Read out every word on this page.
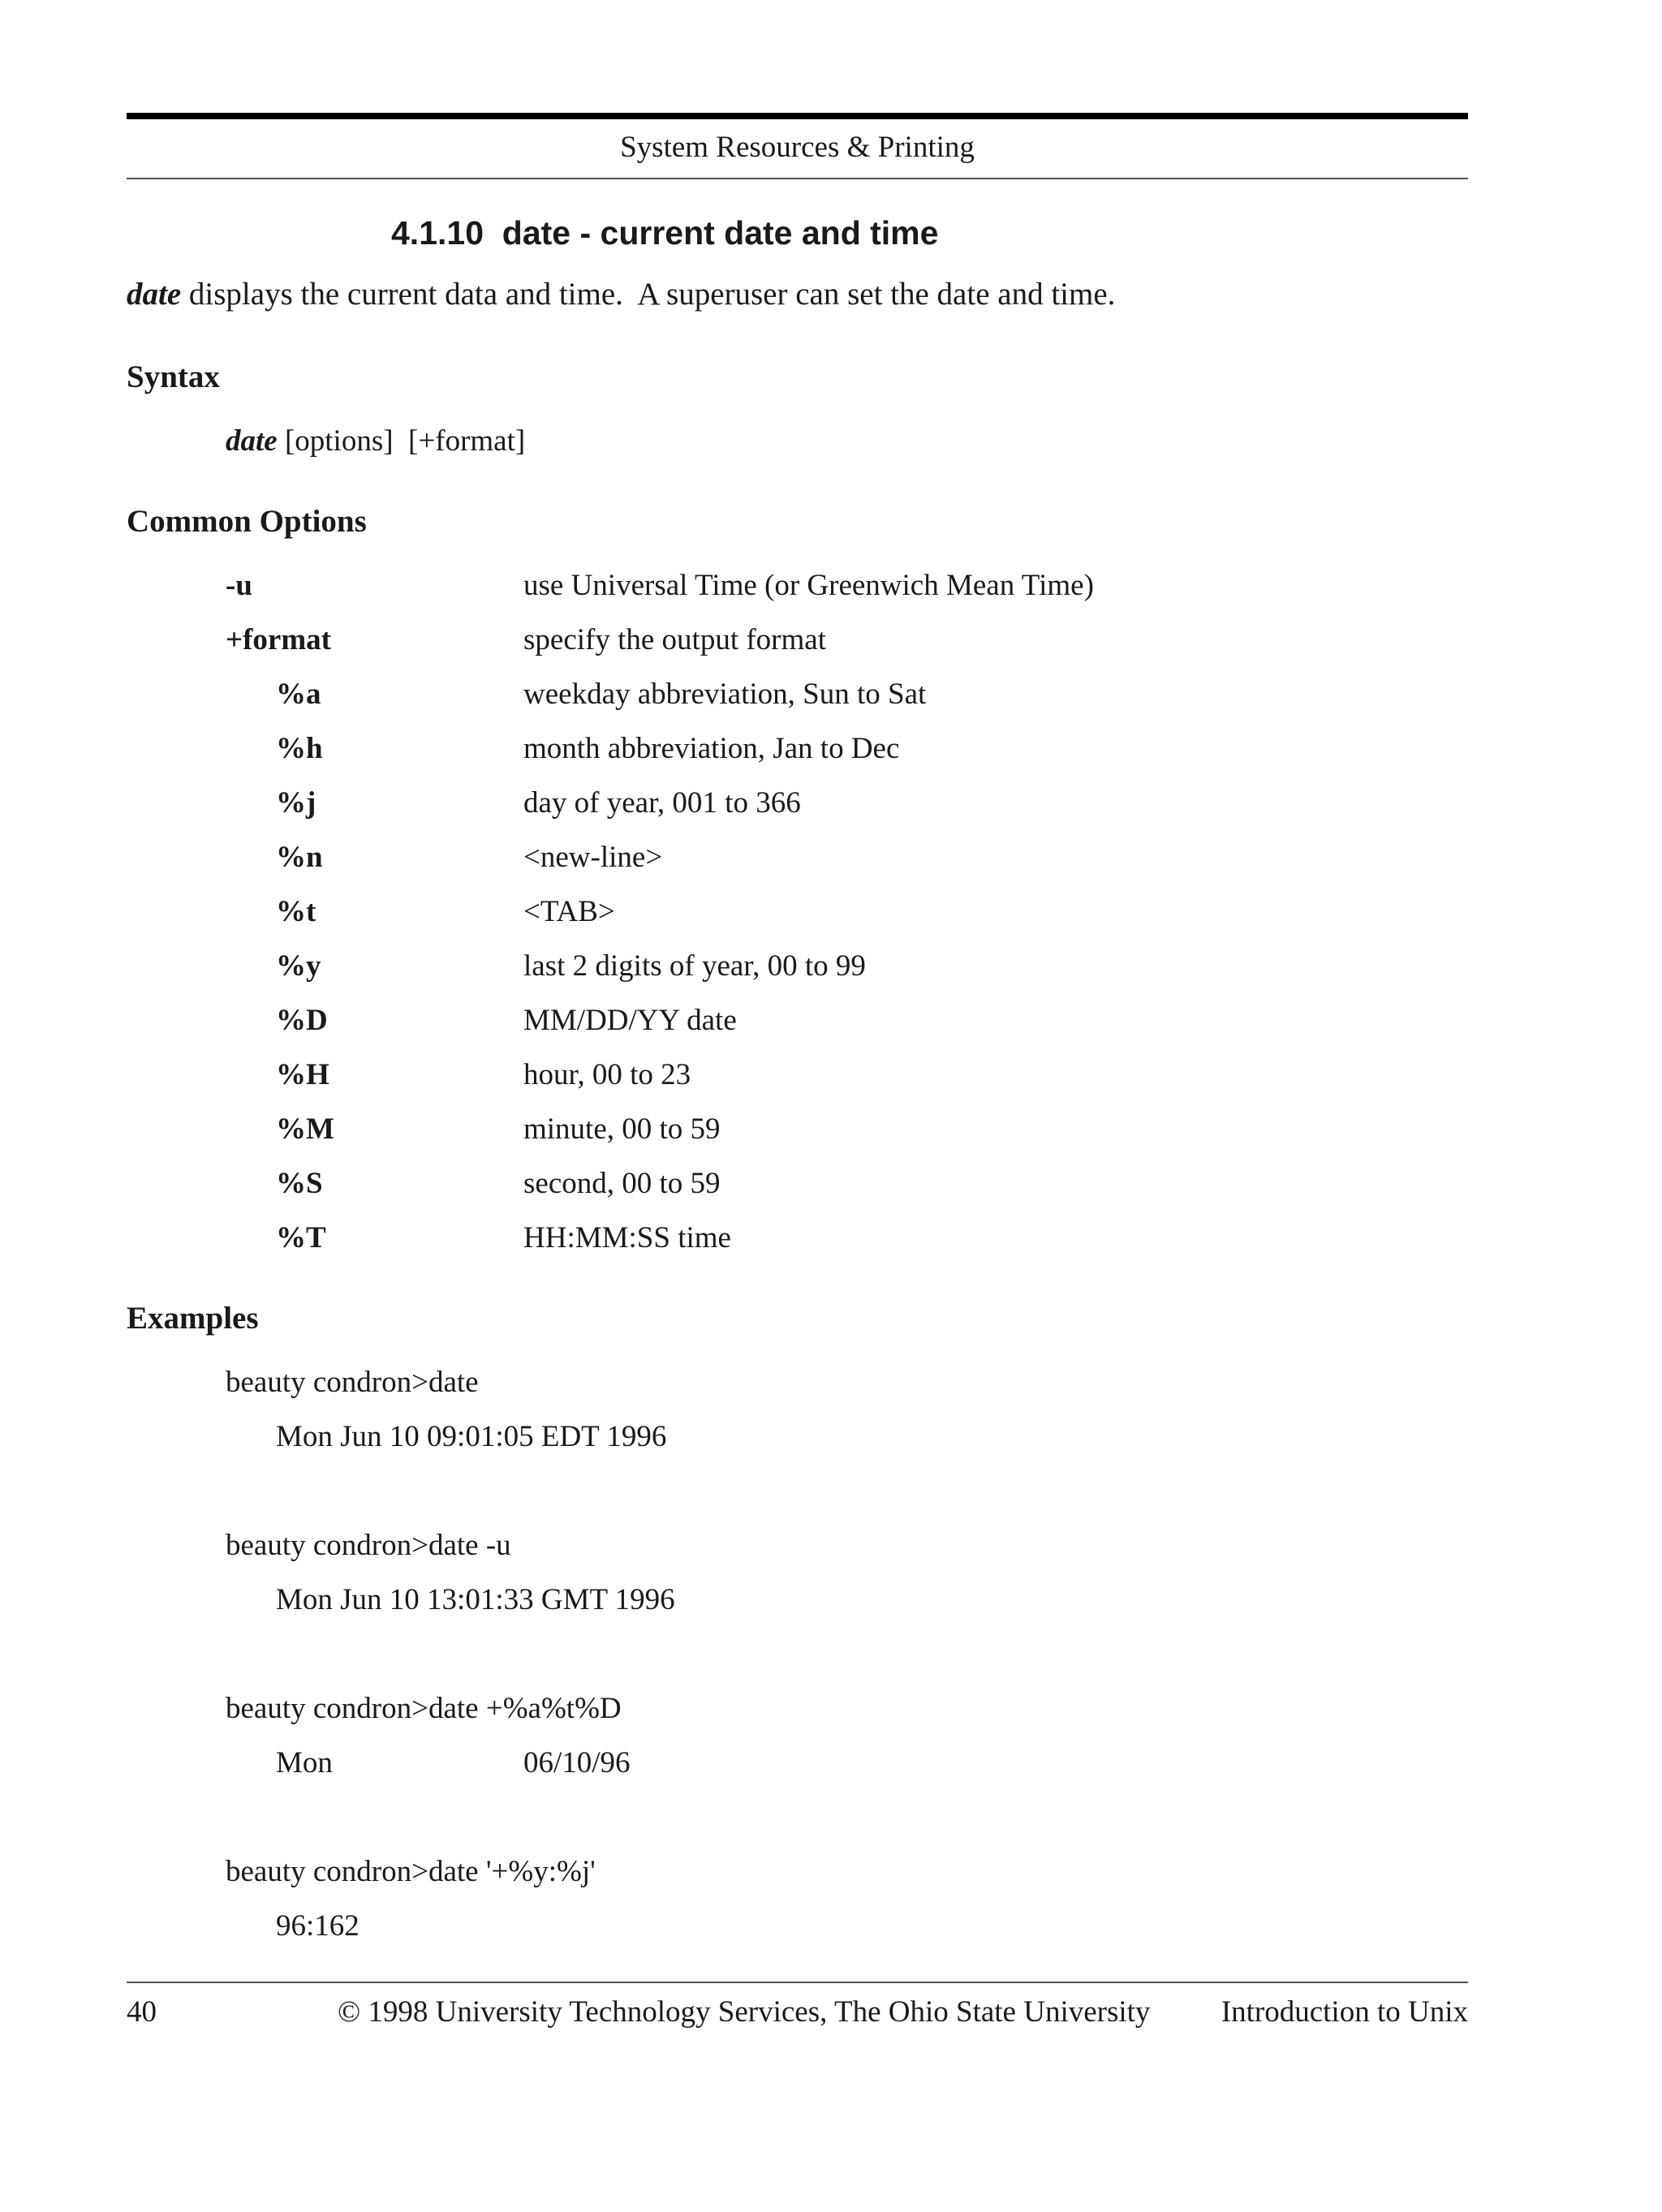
System Resources & Printing
4.1.10  date - current date and time
date displays the current data and time.  A superuser can set the date and time.
Syntax
date [options]  [+format]
Common Options
-u	use Universal Time (or Greenwich Mean Time)
+format	specify the output format
%a	weekday abbreviation, Sun to Sat
%h	month abbreviation, Jan to Dec
%j	day of year, 001 to 366
%n	<new-line>
%t	<TAB>
%y	last 2 digits of year, 00 to 99
%D	MM/DD/YY date
%H	hour, 00 to 23
%M	minute, 00 to 59
%S	second, 00 to 59
%T	HH:MM:SS time
Examples
beauty condron>date
Mon Jun 10 09:01:05 EDT 1996
beauty condron>date -u
Mon Jun 10 13:01:33 GMT 1996
beauty condron>date +%a%t%D
Mon	06/10/96
beauty condron>date '+%y:%j'
96:162
40	© 1998 University Technology Services, The Ohio State University Introduction to Unix
